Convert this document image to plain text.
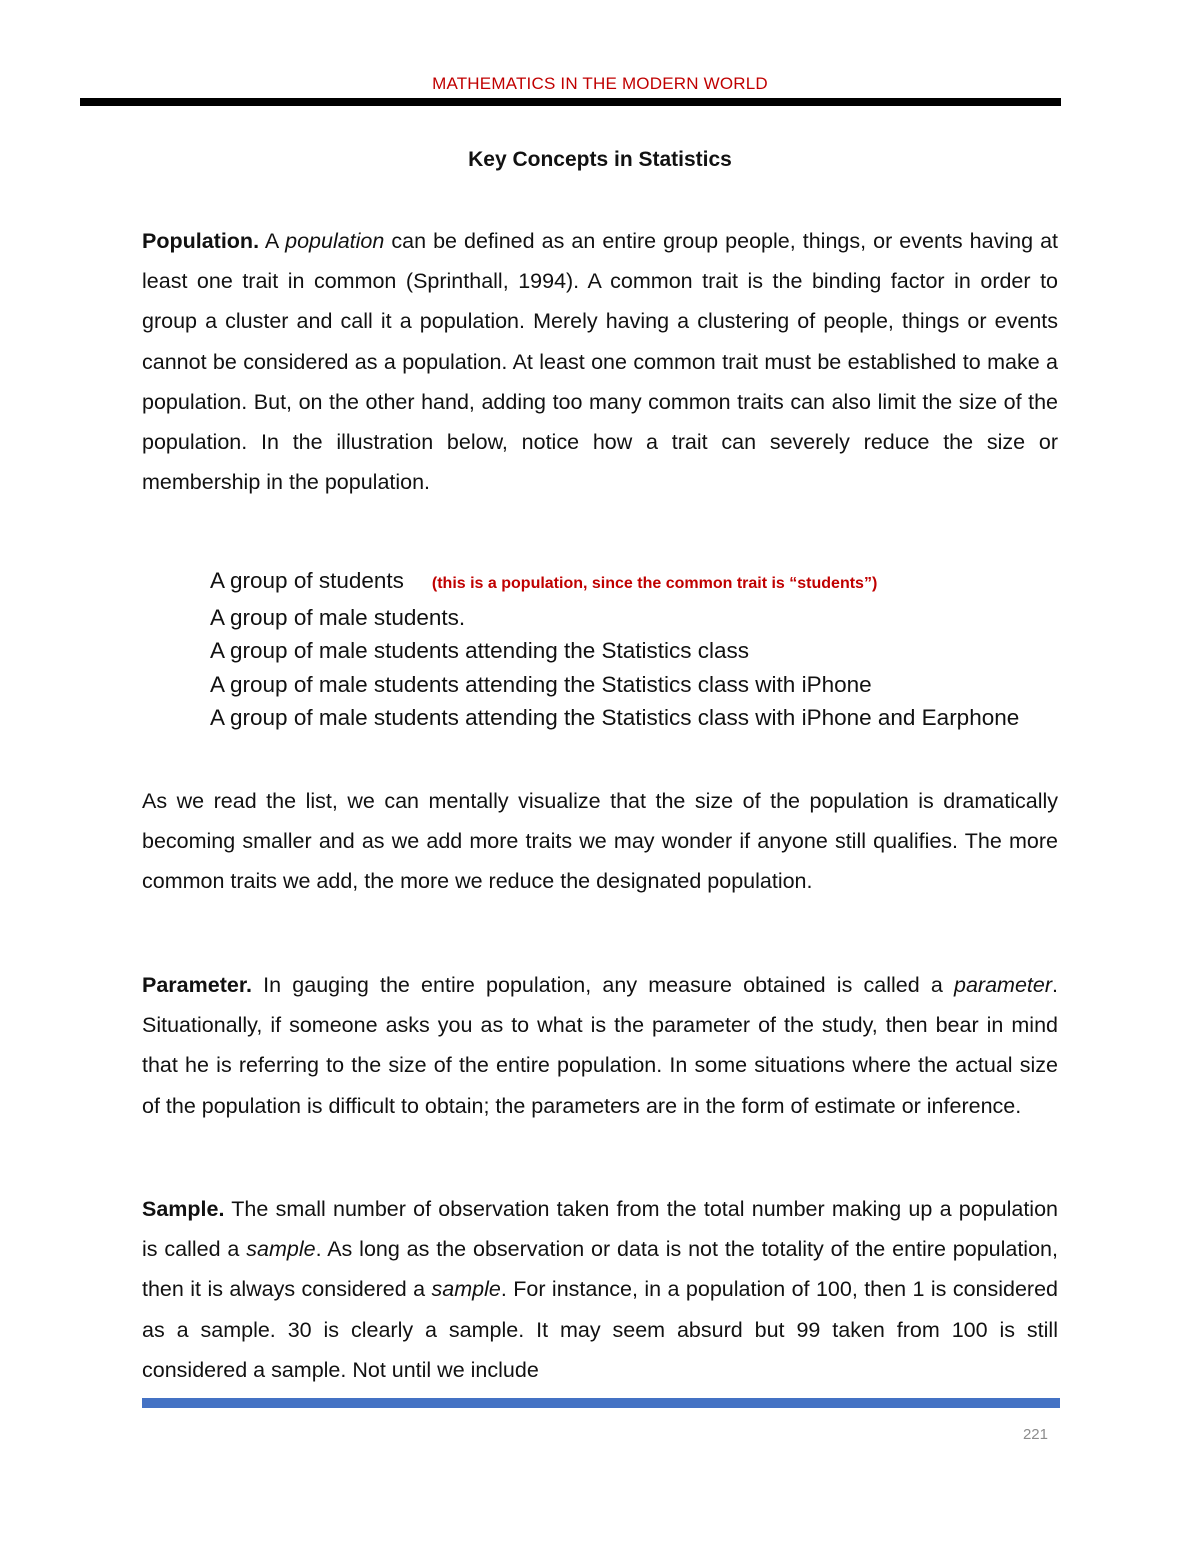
MATHEMATICS IN THE MODERN WORLD
Key Concepts in Statistics
Population. A population can be defined as an entire group people, things, or events having at least one trait in common (Sprinthall, 1994). A common trait is the binding factor in order to group a cluster and call it a population. Merely having a clustering of people, things or events cannot be considered as a population. At least one common trait must be established to make a population. But, on the other hand, adding too many common traits can also limit the size of the population. In the illustration below, notice how a trait can severely reduce the size or membership in the population.
A group of students (this is a population, since the common trait is “students”)
A group of male students.
A group of male students attending the Statistics class
A group of male students attending the Statistics class with iPhone
A group of male students attending the Statistics class with iPhone and Earphone
As we read the list, we can mentally visualize that the size of the population is dramatically becoming smaller and as we add more traits we may wonder if anyone still qualifies. The more common traits we add, the more we reduce the designated population.
Parameter. In gauging the entire population, any measure obtained is called a parameter. Situationally, if someone asks you as to what is the parameter of the study, then bear in mind that he is referring to the size of the entire population. In some situations where the actual size of the population is difficult to obtain; the parameters are in the form of estimate or inference.
Sample. The small number of observation taken from the total number making up a population is called a sample. As long as the observation or data is not the totality of the entire population, then it is always considered a sample. For instance, in a population of 100, then 1 is considered as a sample. 30 is clearly a sample. It may seem absurd but 99 taken from 100 is still considered a sample. Not until we include
221
